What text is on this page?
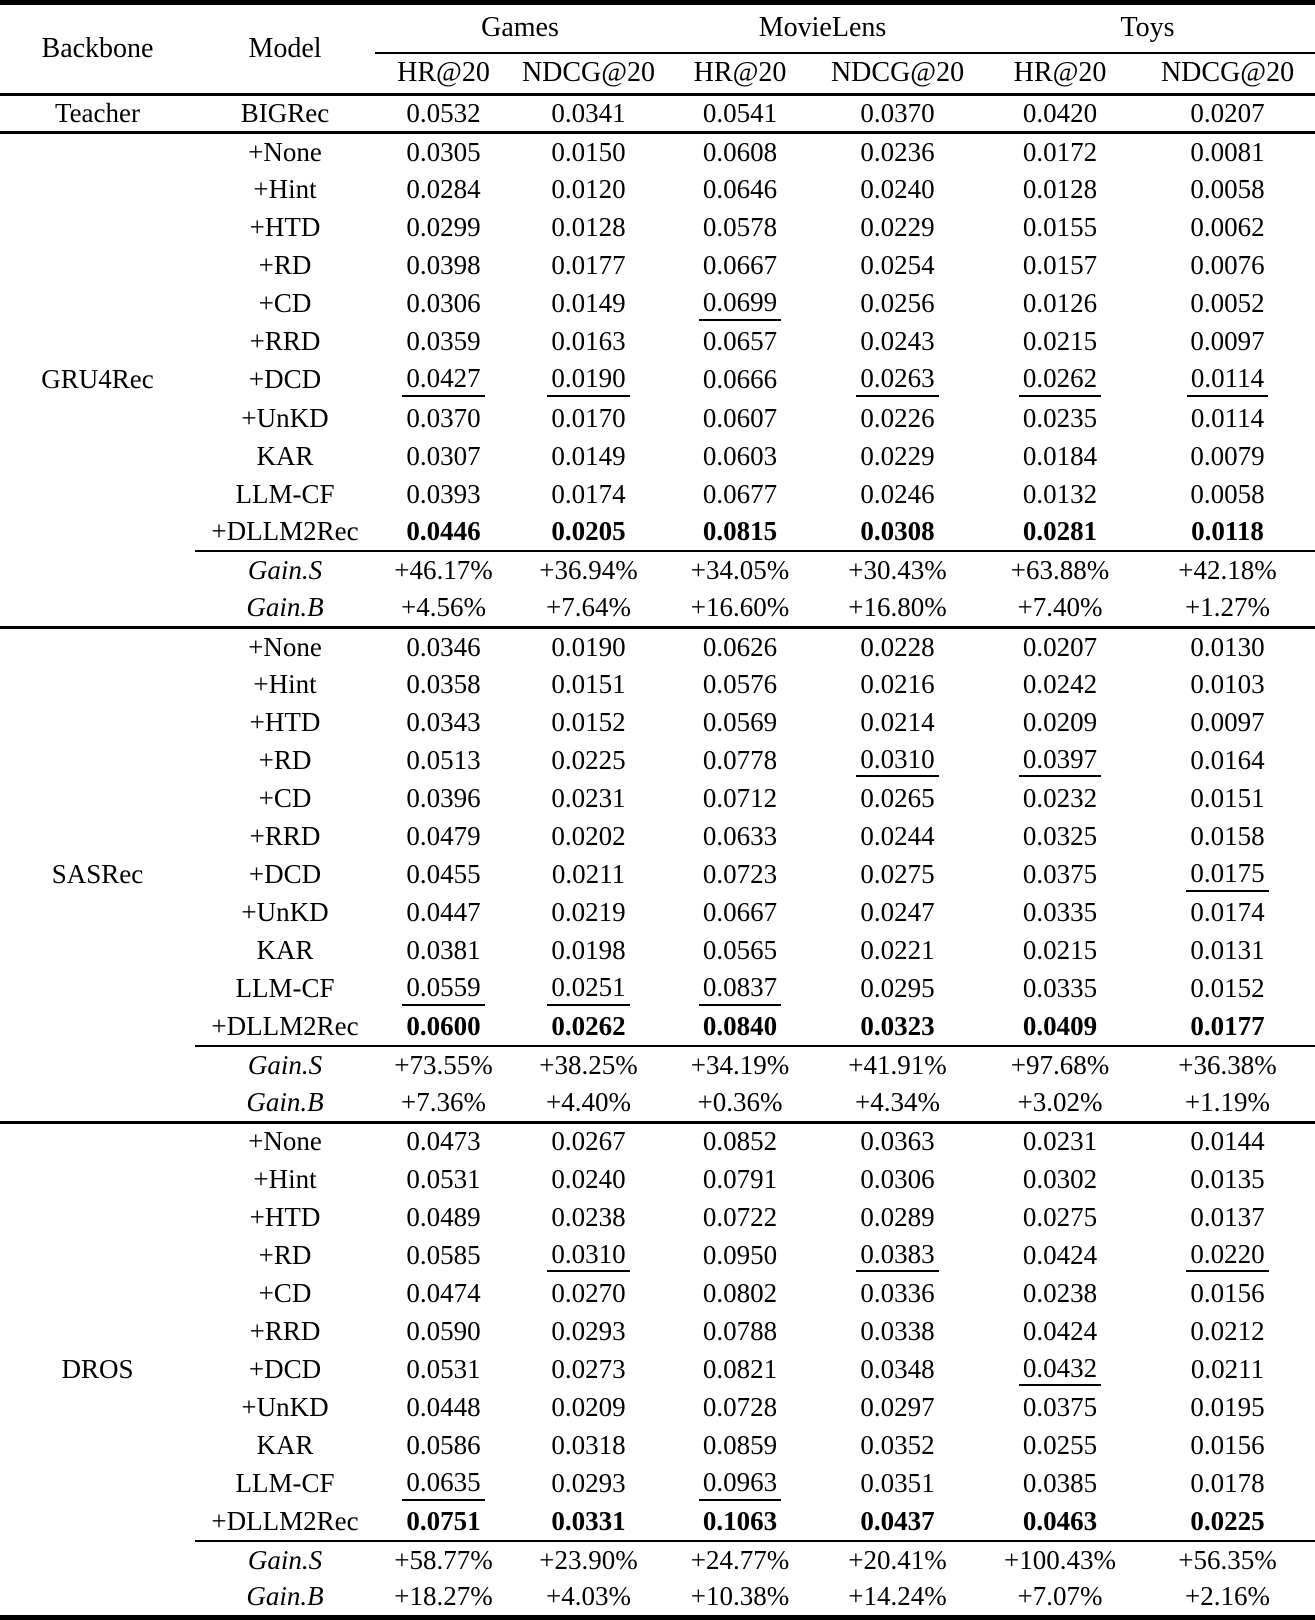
Backbone	Model	Games		MovieLens		Toys	
		HR@20	NDCG@20	HR@20	NDCG@20	HR@20	NDCG@20
Teacher	BIGRec	0.0532	0.0341	0.0541	0.0370	0.0420	0.0207
GRU4Rec	+None	0.0305	0.0150	0.0608	0.0236	0.0172	0.0081
	+Hint	0.0284	0.0120	0.0646	0.0240	0.0128	0.0058
	+HTD	0.0299	0.0128	0.0578	0.0229	0.0155	0.0062
	+RD	0.0398	0.0177	0.0667	0.0254	0.0157	0.0076
	+CD	0.0306	0.0149	0.0699	0.0256	0.0126	0.0052
	+RRD	0.0359	0.0163	0.0657	0.0243	0.0215	0.0097
	+DCD	0.0427	0.0190	0.0666	0.0263	0.0262	0.0114
	+UnKD	0.0370	0.0170	0.0607	0.0226	0.0235	0.0114
	KAR	0.0307	0.0149	0.0603	0.0229	0.0184	0.0079
	LLM-CF	0.0393	0.0174	0.0677	0.0246	0.0132	0.0058
	+DLLM2Rec	0.0446	0.0205	0.0815	0.0308	0.0281	0.0118
	Gain.S	+46.17%	+36.94%	+34.05%	+30.43%	+63.88%	+42.18%
	Gain.B	+4.56%	+7.64%	+16.60%	+16.80%	+7.40%	+1.27%
SASRec	+None	0.0346	0.0190	0.0626	0.0228	0.0207	0.0130
	+Hint	0.0358	0.0151	0.0576	0.0216	0.0242	0.0103
	+HTD	0.0343	0.0152	0.0569	0.0214	0.0209	0.0097
	+RD	0.0513	0.0225	0.0778	0.0310	0.0397	0.0164
	+CD	0.0396	0.0231	0.0712	0.0265	0.0232	0.0151
	+RRD	0.0479	0.0202	0.0633	0.0244	0.0325	0.0158
	+DCD	0.0455	0.0211	0.0723	0.0275	0.0375	0.0175
	+UnKD	0.0447	0.0219	0.0667	0.0247	0.0335	0.0174
	KAR	0.0381	0.0198	0.0565	0.0221	0.0215	0.0131
	LLM-CF	0.0559	0.0251	0.0837	0.0295	0.0335	0.0152
	+DLLM2Rec	0.0600	0.0262	0.0840	0.0323	0.0409	0.0177
	Gain.S	+73.55%	+38.25%	+34.19%	+41.91%	+97.68%	+36.38%
	Gain.B	+7.36%	+4.40%	+0.36%	+4.34%	+3.02%	+1.19%
DROS	+None	0.0473	0.0267	0.0852	0.0363	0.0231	0.0144
	+Hint	0.0531	0.0240	0.0791	0.0306	0.0302	0.0135
	+HTD	0.0489	0.0238	0.0722	0.0289	0.0275	0.0137
	+RD	0.0585	0.0310	0.0950	0.0383	0.0424	0.0220
	+CD	0.0474	0.0270	0.0802	0.0336	0.0238	0.0156
	+RRD	0.0590	0.0293	0.0788	0.0338	0.0424	0.0212
	+DCD	0.0531	0.0273	0.0821	0.0348	0.0432	0.0211
	+UnKD	0.0448	0.0209	0.0728	0.0297	0.0375	0.0195
	KAR	0.0586	0.0318	0.0859	0.0352	0.0255	0.0156
	LLM-CF	0.0635	0.0293	0.0963	0.0351	0.0385	0.0178
	+DLLM2Rec	0.0751	0.0331	0.1063	0.0437	0.0463	0.0225
	Gain.S	+58.77%	+23.90%	+24.77%	+20.41%	+100.43%	+56.35%
	Gain.B	+18.27%	+4.03%	+10.38%	+14.24%	+7.07%	+2.16%
